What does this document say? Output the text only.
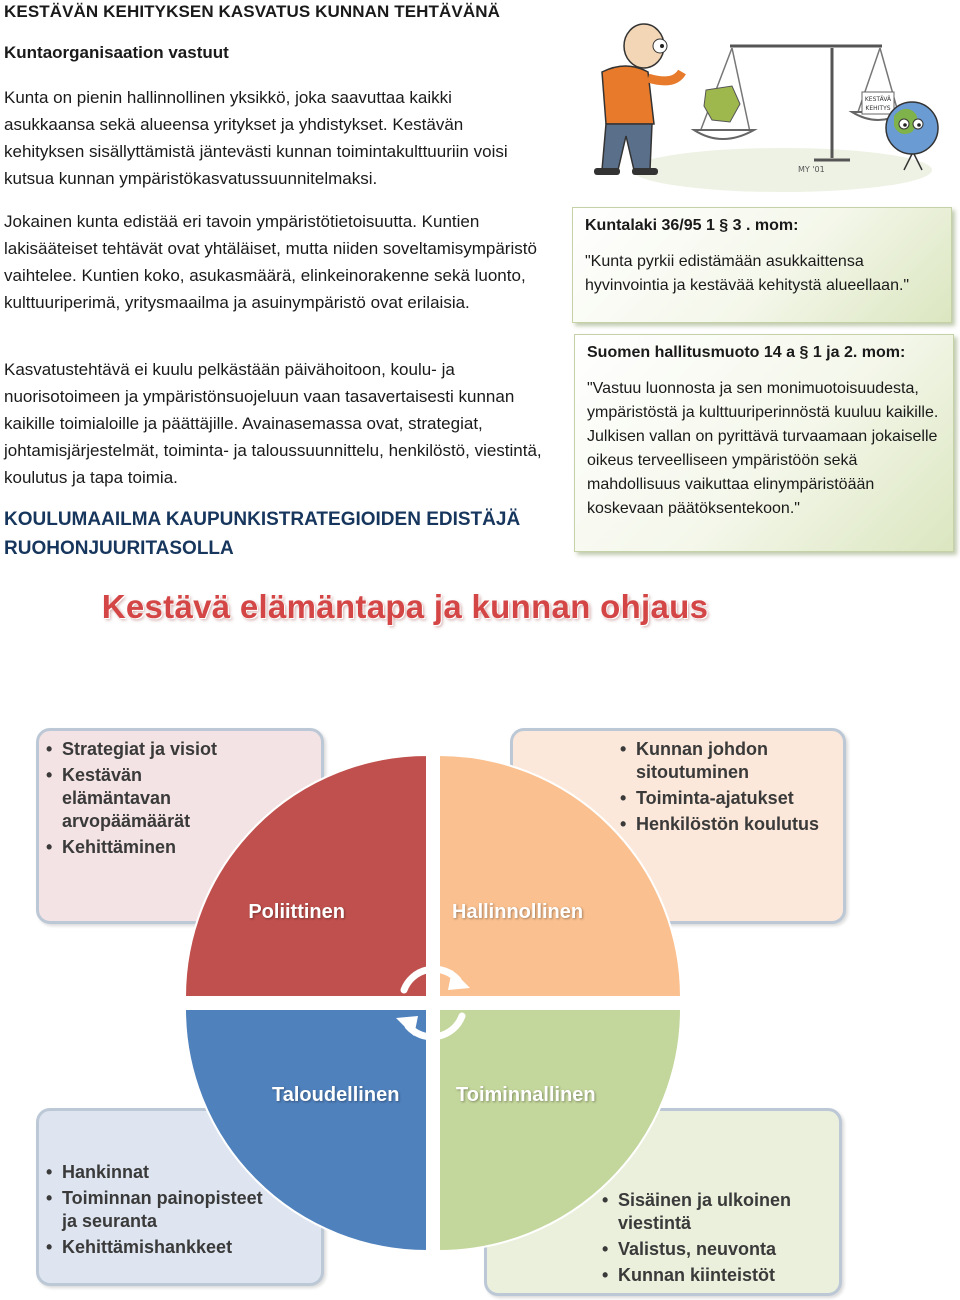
KESTÄVÄN KEHITYKSEN KASVATUS KUNNAN TEHTÄVÄNÄ
Kuntaorganisaation vastuut

Kunta on pienin hallinnollinen yksikkö, joka saavuttaa kaikki asukkaansa sekä alueensa yritykset ja yhdistykset. Kestävän kehityksen sisällyttämistä jäntevästi kunnan toimintakulttuuriin voisi kutsua kunnan ympäristökasvatussuunnitelmaksi.

Jokainen kunta edistää eri tavoin ympäristötietoisuutta. Kuntien lakisääteiset tehtävät ovat yhtäläiset, mutta niiden soveltamisympäristö vaihtelee. Kuntien koko, asukasmäärä, elinkeinorakenne sekä luonto, kulttuuriperimä, yritysmaailma ja asuinympäristö ovat erilaisia.

Kasvatustehtävä ei kuulu pelkästään päivähoitoon, koulu- ja nuorisotoimeen ja ympäristönsuojeluun vaan tasavertaisesti kunnan kaikille toimialoille ja päättäjille. Avainasemassa ovat, strategiat, johtamisjärjestelmät, toiminta- ja taloussuunnittelu, henkilöstö, viestintä, koulutus ja tapa toimia.

KOULUMAAILMA KAUPUNKISTRATEGIOIDEN EDISTÄJÄ RUOHONJUURITASOLLA
KESTÄVÄ
KEHITYS
MY '01
Kuntalaki 36/95 1 § 3 . mom:

"Kunta pyrkii edistämään asukkaittensa hyvinvointia ja kestävää kehitystä alueellaan."

Suomen hallitusmuoto 14 a § 1 ja 2. mom:

"Vastuu luonnosta ja sen monimuotoisuudesta, ympäristöstä ja kulttuuriperinnöstä kuuluu kaikille. Julkisen vallan on pyrittävä turvaamaan jokaiselle oikeus terveelliseen ympäristöön sekä mahdollisuus vaikuttaa elinympäristöään koskevaan päätöksentekoon."

Kestävä elämäntapa ja kunnan ohjaus
• Strategiat ja visiot
• Kestävän elämäntavan arvopäämäärät
• Kehittäminen
• Kunnan johdon sitoutuminen
• Toiminta-ajatukset
• Henkilöstön koulutus
• Hankinnat
• Toiminnan painopisteet ja seuranta
• Kehittämishankkeet
• Sisäinen ja ulkoinen viestintä
• Valistus, neuvonta
• Kunnan kiinteistöt
Poliittinen	Hallinnollinen
Taloudellinen	Toiminnallinen
